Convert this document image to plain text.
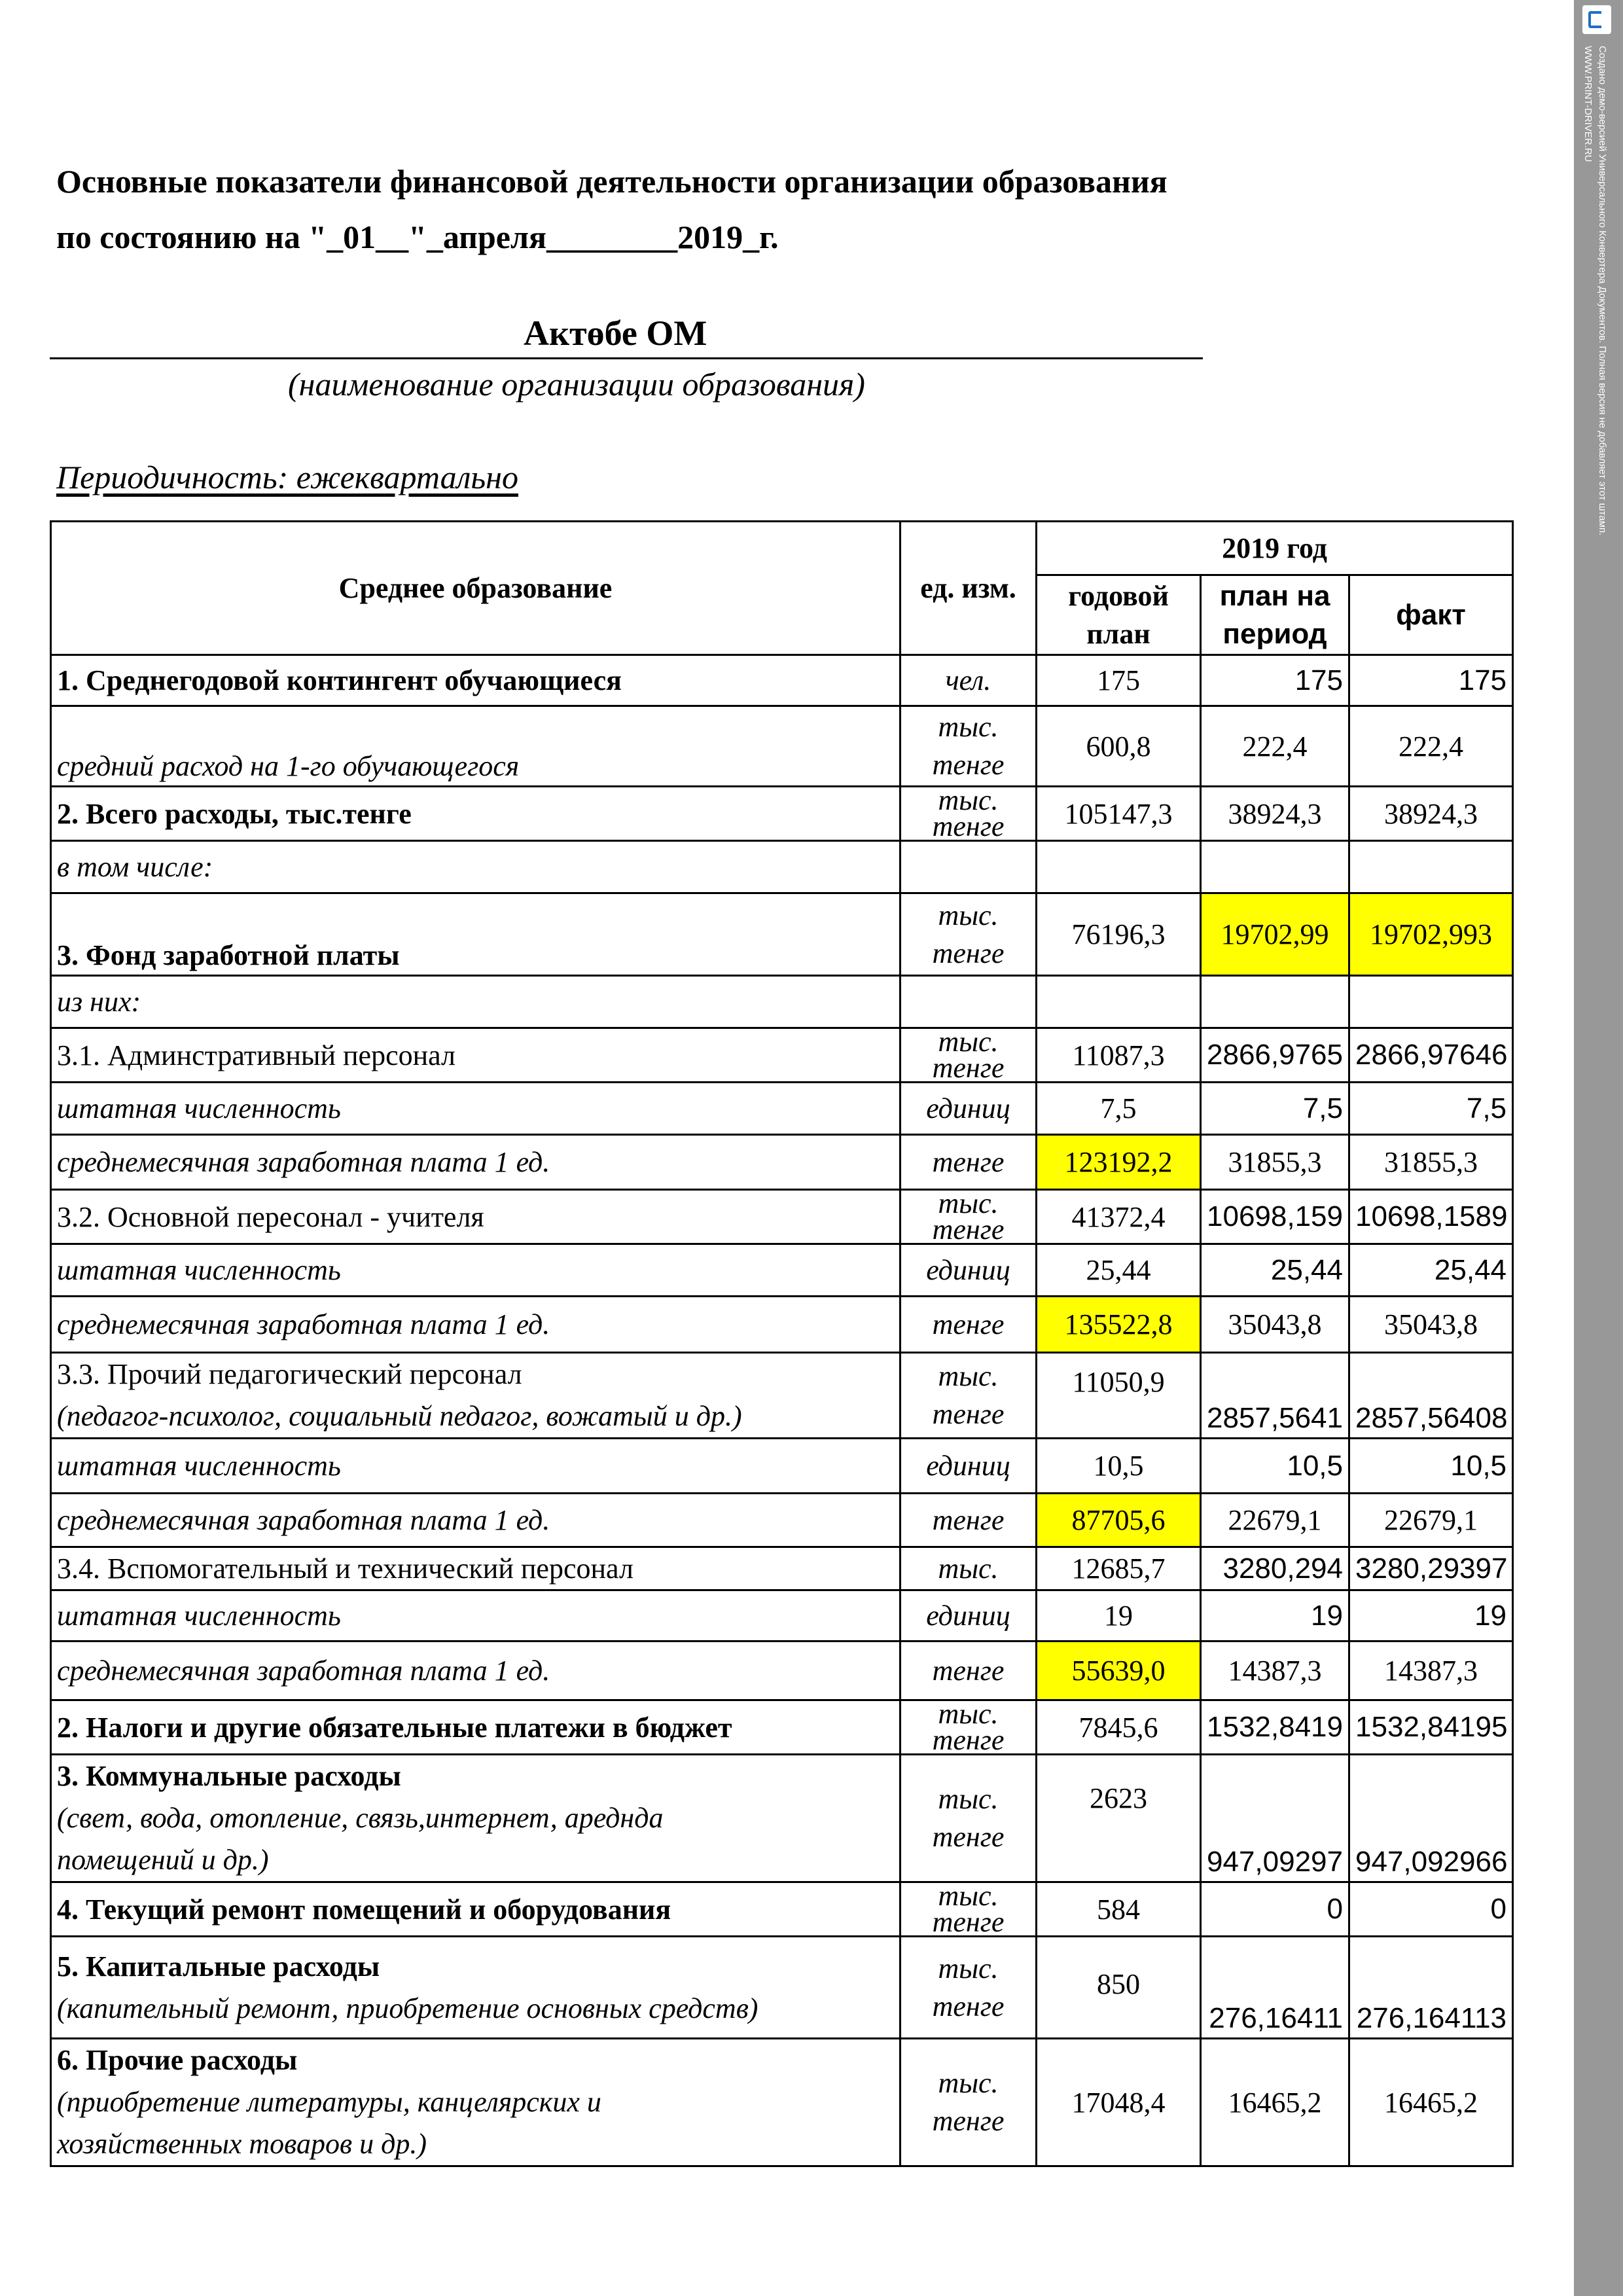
Создано демо-версией Универсального Конвертера Документов. Полная версия не добавляет этот штамп.
WWW.PRINT-DRIVER.RU
Основные показатели финансовой деятельности организации образования
по состоянию на "_01__"_апреля________2019_г.
Актөбе ОМ
(наименование организации образования)
Периодичность: ежеквартально
Среднее образование	ед. изм.	2019 год		
		годовой план	план на период	факт
1. Среднегодовой контингент обучающиеся	чел.	175	175	175
средний расход на 1-го обучающегося	тыс. тенге	600,8	222,4	222,4
2. Всего расходы, тыс.тенге	тыс. тенге	105147,3	38924,3	38924,3
в том числе:				
3. Фонд заработной платы	тыс. тенге	76196,3	19702,99	19702,993
из них:				
3.1. Админстративный персонал	тыс. тенге	11087,3	2866,9765	2866,97646
штатная численность	единиц	7,5	7,5	7,5
среднемесячная заработная плата 1 ед.	тенге	123192,2	31855,3	31855,3
3.2. Основной пересонал - учителя	тыс. тенге	41372,4	10698,159	10698,1589
штатная численность	единиц	25,44	25,44	25,44
среднемесячная заработная плата 1 ед.	тенге	135522,8	35043,8	35043,8

3.3. Прочий педагогический персонал
(педагог-психолог, социальный педагог, вожатый и др.)	тыс. тенге	11050,9	2857,5641	2857,56408
штатная численность	единиц	10,5	10,5	10,5
среднемесячная заработная плата 1 ед.	тенге	87705,6	22679,1	22679,1
3.4. Вспомогательный и технический персонал	тыс.	12685,7	3280,294	3280,29397
штатная численность	единиц	19	19	19
среднемесячная заработная плата 1 ед.	тенге	55639,0	14387,3	14387,3
2. Налоги и другие обязательные платежи в бюджет	тыс. тенге	7845,6	1532,8419	1532,84195

3. Коммунальные расходы
(свет, вода, отопление, связь,интернет, ареднда
помещений и др.)	тыс. тенге	2623	947,09297	947,092966
4. Текущий ремонт помещений и оборудования	тыс. тенге	584	0	0

5. Капитальные расходы
(капительный ремонт, приобретение основных средств)	тыс. тенге	850	276,16411	276,164113

6. Прочие расходы
(приобретение литературы, канцелярских и
хозяйственных товаров и др.)	тыс. тенге	17048,4	16465,2	16465,2
